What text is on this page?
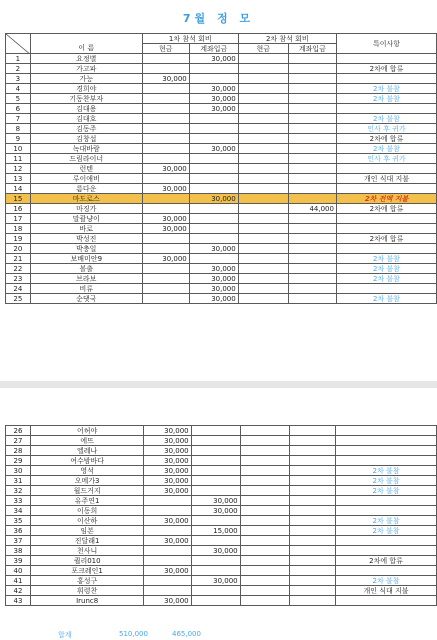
7월 정 모
		1차 참석 회비		2차 참석 회비		특이사항
	이 름	현금	계좌입금	현금	계좌입금	
1	요정별		30,000			
2	가고파					2차에 합류
3	가능	30,000				
4	경희야		30,000			2차 불참
5	기동찬부자		30,000			2차 불참
6	김대용		30,000			
7	김대호					2차 불참
8	김동주					인사 후 귀가
9	김창섭					2차에 합류
10	녹대바람		30,000			2차 불참
11	드림라이너					인사 후 귀가
12	런텐	30,000				
13	루이애비					개인 식대 지불
14	름다운	30,000				
15	마도로스		30,000			2차 전액 지불
16	마징가				44,000	2차에 합류
17	말괄냥이	30,000				
18	바로	30,000				
19	박성진					2차에 합류
20	박충일		30,000			
21	보배미안9	30,000				2차 불참
22	볼출		30,000			2차 불참
23	브라보		30,000			2차 불참
24	비류		30,000			
25	순댓국		30,000			2차 불참
26	어허야	30,000				
27	에뜨	30,000				
28	엘레나	30,000				
29	여수밤바다	30,000				
30	영석	30,000				2차 불참
31	오메가3	30,000				2차 불참
32	월드거지	30,000				2차 불참
33	유주연1		30,000			
34	이동희		30,000			
35	이산하	30,000				2차 불참
36	임본		15,000			2차 불참
37	진달래1	30,000				
38	천사니		30,000			
39	퀄리010					2차에 합류
40	포크레인1	30,000				
41	홍성구		30,000			2차 불참
42	휘령찬					개인 식대 지불
43	Irunc8	30,000				
합계	510,000	465,000
